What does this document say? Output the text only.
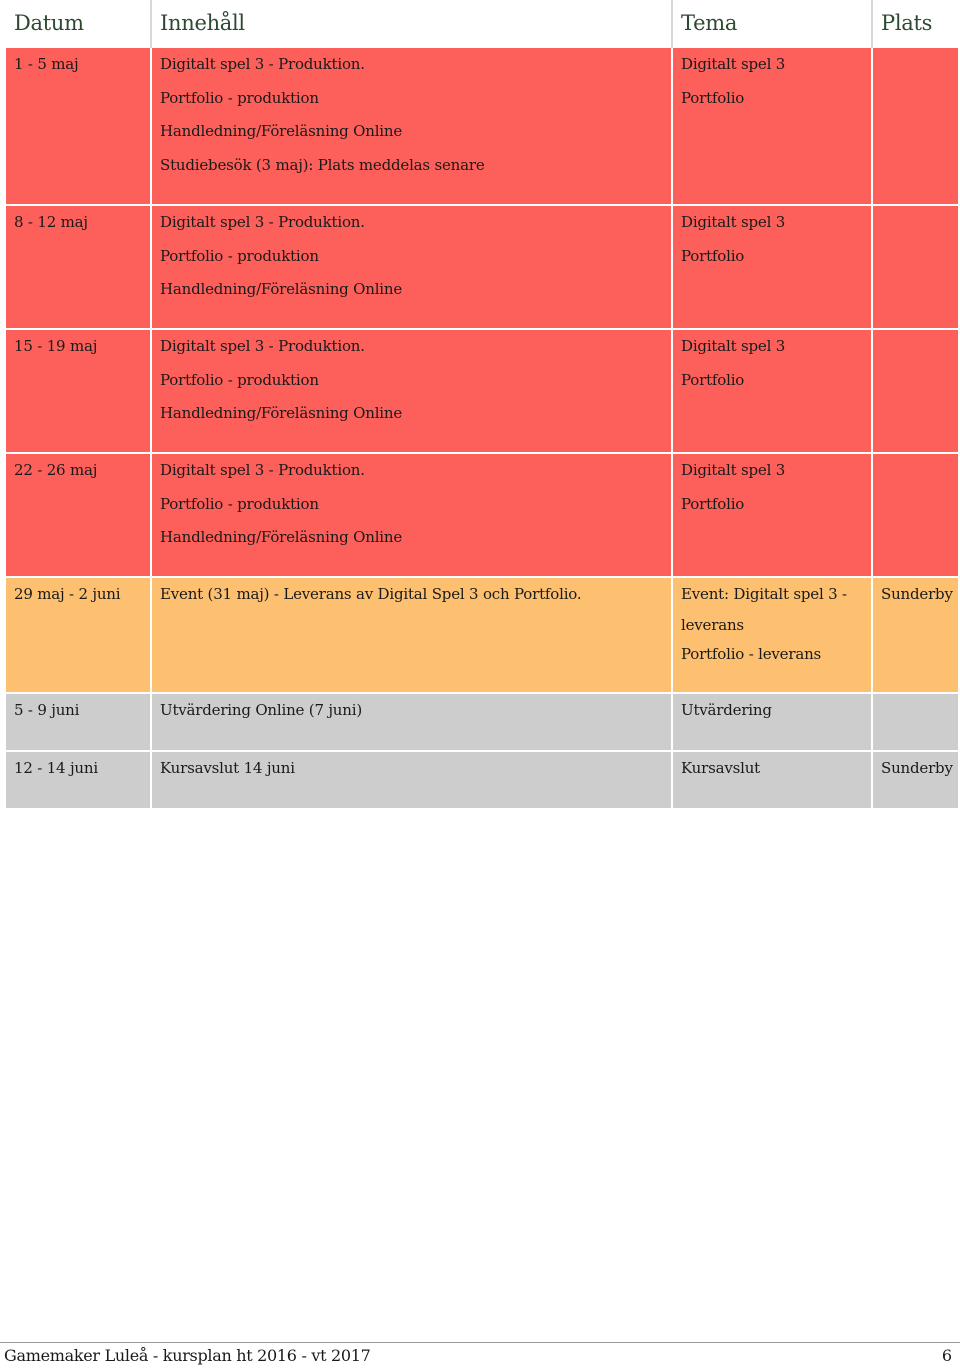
Datum	Innehåll	Tema	Plats

1 - 5 maj	Digitalt spel 3 - Produktion.
Portfolio - produktion
Handledning/Föreläsning Online
Studiebesök (3 maj): Plats meddelas senare	Digitalt spel 3
Portfolio	

8 - 12 maj	Digitalt spel 3 - Produktion.
Portfolio - produktion
Handledning/Föreläsning Online	Digitalt spel 3
Portfolio	

15 - 19 maj	Digitalt spel 3 - Produktion.
Portfolio - produktion
Handledning/Föreläsning Online	Digitalt spel 3
Portfolio	

22 - 26 maj	Digitalt spel 3 - Produktion.
Portfolio - produktion
Handledning/Föreläsning Online	Digitalt spel 3
Portfolio	

29 maj - 2 juni	Event (31 maj) - Leverans av Digital Spel 3 och Portfolio.	Event: Digitalt spel 3 -
leverans
Portfolio - leverans	Sunderby

5 - 9 juni	Utvärdering Online (7 juni)	Utvärdering	

12 - 14 juni	Kursavslut 14 juni	Kursavslut	Sunderby
Gamemaker Luleå - kursplan ht 2016 - vt 2017	6
